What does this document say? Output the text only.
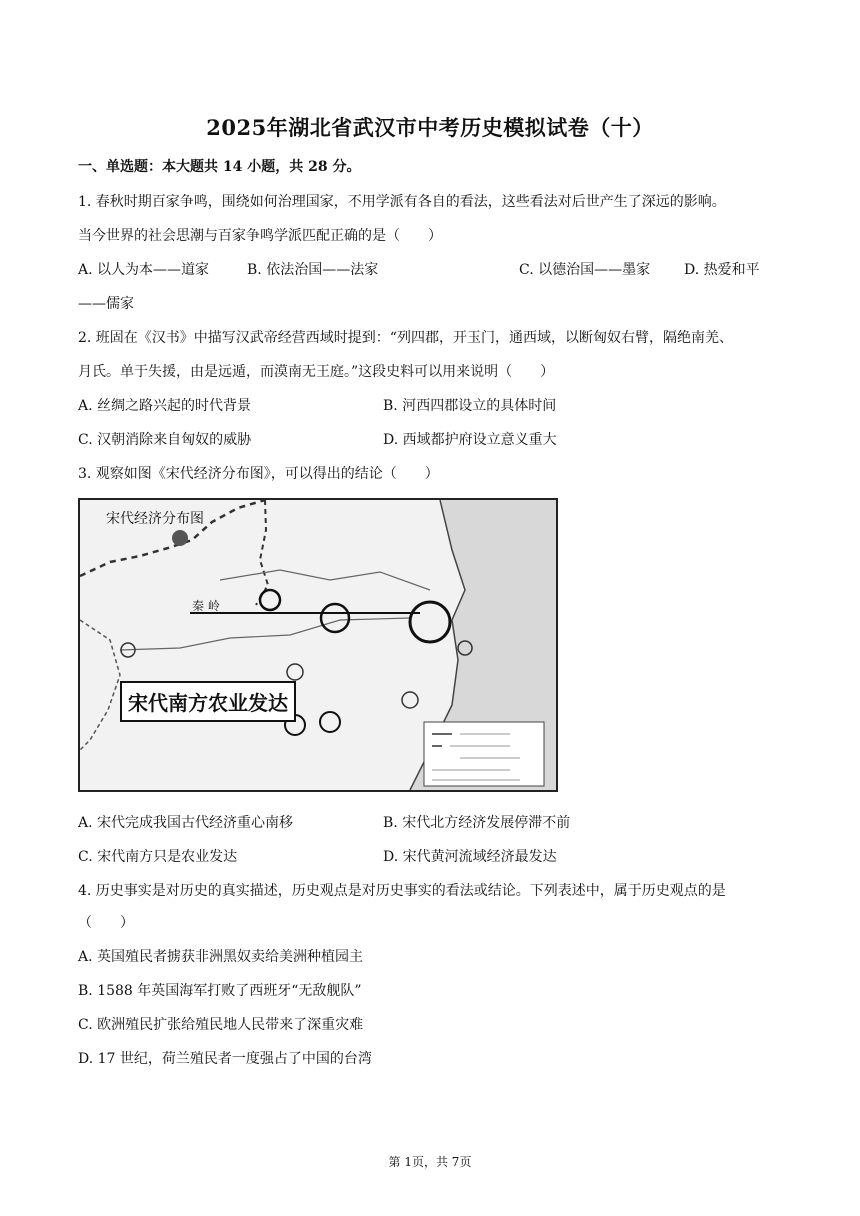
2025年湖北省武汉市中考历史模拟试卷（十）
一、单选题：本大题共 14 小题，共 28 分。
1. 春秋时期百家争鸣，围绕如何治理国家，不用学派有各自的看法，这些看法对后世产生了深远的影响。
当今世界的社会思潮与百家争鸣学派匹配正确的是（　　）
A. 以人为本——道家	B. 依法治国——法家	C. 以德治国——墨家 D. 热爱和平
——儒家
2. 班固在《汉书》中描写汉武帝经营西域时提到：“列四郡，开玉门，通西域，以断匈奴右臂，隔绝南羌、
月氏。单于失援，由是远遁，而漠南无王庭。”这段史料可以用来说明（　　）
A. 丝绸之路兴起的时代背景	B. 河西四郡设立的具体时间
C. 汉朝消除来自匈奴的威胁	D. 西域都护府设立意义重大
3. 观察如图《宋代经济分布图》，可以得出的结论（　　）
宋代经济分布图
秦 岭
宋代南方农业发达
A. 宋代完成我国古代经济重心南移	B. 宋代北方经济发展停滞不前
C. 宋代南方只是农业发达	D. 宋代黄河流域经济最发达
4. 历史事实是对历史的真实描述，历史观点是对历史事实的看法或结论。下列表述中，属于历史观点的是
（　　）
A. 英国殖民者掳获非洲黑奴卖给美洲种植园主
B. 1588 年英国海军打败了西班牙“无敌舰队”
C. 欧洲殖民扩张给殖民地人民带来了深重灾难
D. 17 世纪，荷兰殖民者一度强占了中国的台湾
第 1页，共 7页
